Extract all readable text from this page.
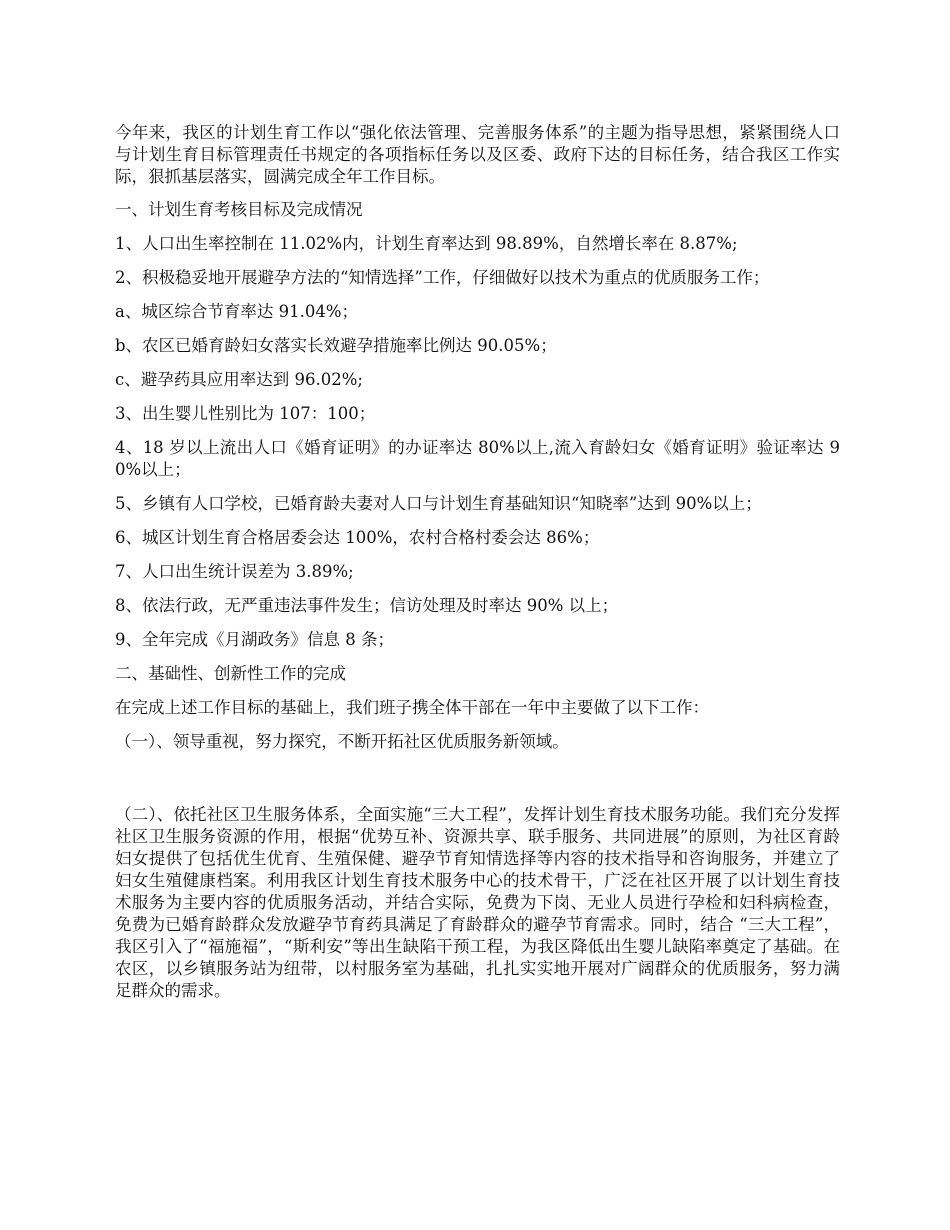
今年来，我区的计划生育工作以“强化依法管理、完善服务体系”的主题为指导思想，紧紧围绕人口与计划生育目标管理责任书规定的各项指标任务以及区委、政府下达的目标任务，结合我区工作实际，狠抓基层落实，圆满完成全年工作目标。

一、计划生育考核目标及完成情况

1、人口出生率控制在 11.02%内，计划生育率达到 98.89%，自然增长率在 8.87%;

2、积极稳妥地开展避孕方法的“知情选择”工作，仔细做好以技术为重点的优质服务工作；

a、城区综合节育率达 91.04%；

b、农区已婚育龄妇女落实长效避孕措施率比例达 90.05%；

c、避孕药具应用率达到 96.02%;

3、出生婴儿性别比为 107：100；

4、18 岁以上流出人口《婚育证明》的办证率达 80%以上,流入育龄妇女《婚育证明》验证率达 90%以上；

5、乡镇有人口学校，已婚育龄夫妻对人口与计划生育基础知识“知晓率”达到 90%以上；

6、城区计划生育合格居委会达 100%，农村合格村委会达 86%；

7、人口出生统计误差为 3.89%;

8、依法行政，无严重违法事件发生；信访处理及时率达 90% 以上；

9、全年完成《月湖政务》信息 8 条；

二、基础性、创新性工作的完成

在完成上述工作目标的基础上，我们班子携全体干部在一年中主要做了以下工作：

（一）、领导重视，努力探究，不断开拓社区优质服务新领域。

（二）、依托社区卫生服务体系，全面实施“三大工程”，发挥计划生育技术服务功能。我们充分发挥社区卫生服务资源的作用，根据“优势互补、资源共享、联手服务、共同进展”的原则，为社区育龄妇女提供了包括优生优育、生殖保健、避孕节育知情选择等内容的技术指导和咨询服务，并建立了妇女生殖健康档案。利用我区计划生育技术服务中心的技术骨干，广泛在社区开展了以计划生育技术服务为主要内容的优质服务活动，并结合实际，免费为下岗、无业人员进行孕检和妇科病检查，免费为已婚育龄群众发放避孕节育药具满足了育龄群众的避孕节育需求。同时，结合 “三大工程”，我区引入了“福施福”，“斯利安”等出生缺陷干预工程，为我区降低出生婴儿缺陷率奠定了基础。在农区，以乡镇服务站为纽带，以村服务室为基础，扎扎实实地开展对广阔群众的优质服务，努力满足群众的需求。
